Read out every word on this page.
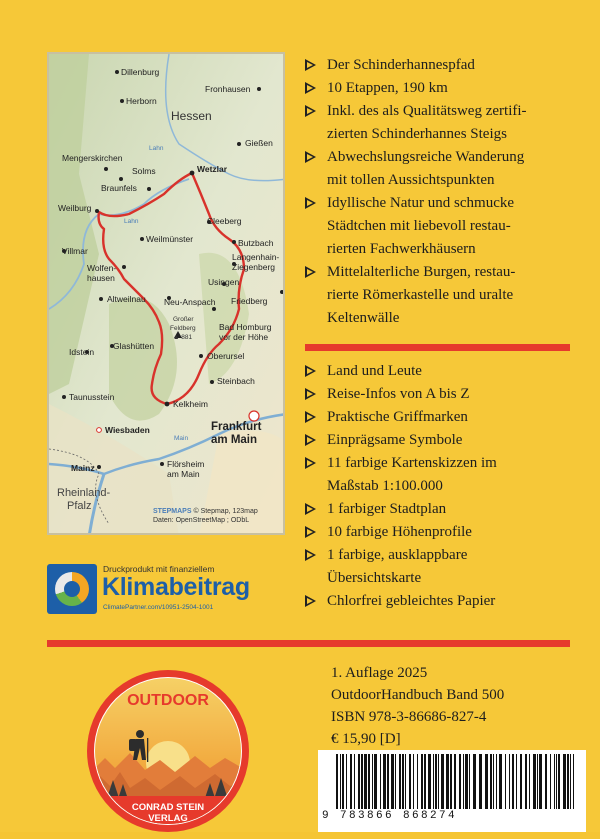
Dillenburg
Herborn
Fronhausen
Hessen
Gießen
Lahn
Mengerskirchen
Solms	Wetzlar
Braunfels
Weilburg
Lahn	Cleeberg
Weilmünster	Butzbach
Langenhain-
Ziegenberg
Villmar
Wolfen-
hausen	Usingen
Friedberg
Altweilnau Neu-Anspach
Großer
Feldberg
▲ 881
Bad Homburg
vor der Höhe
Idstein
Glashütten
Oberursel
Steinbach
Taunusstein
Kelkheim
Frankfurt
am Main
Wiesbaden
Main
Mainz	Flörsheim
am Main
Rheinland-
Pfalz	STEPMAPS © Stepmap, 123map
Daten: OpenStreetMap ; ODbL
Der Schinderhannespfad
10 Etappen, 190 km
Inkl. des als Qualitätsweg zertifi-
zierten Schinderhannes Steigs
Abwechslungsreiche Wanderung
mit tollen Aussichtspunkten
Idyllische Natur und schmucke
Städtchen mit liebevoll restau-
rierten Fachwerkhäusern
Mittelalterliche Burgen, restau-
rierte Römerkastelle und uralte
Keltenwälle
Land und Leute
Reise-Infos von A bis Z
Praktische Griffmarken
Einprägsame Symbole
11 farbige Kartenskizzen im
Maßstab 1:100.000
1 farbiger Stadtplan
10 farbige Höhenprofile
1 farbige, ausklappbare
Übersichtskarte
Chlorfrei gebleichtes Papier
Druckprodukt mit finanziellem
Klimabeitrag
ClimatePartner.com/10951-2504-1001
1. Auflage 2025
OutdoorHandbuch Band 500
ISBN 978-3-86686-827-4
€ 15,90 [D]
OUTDOOR
CONRAD STEIN
VERLAG	9 783866 868274
